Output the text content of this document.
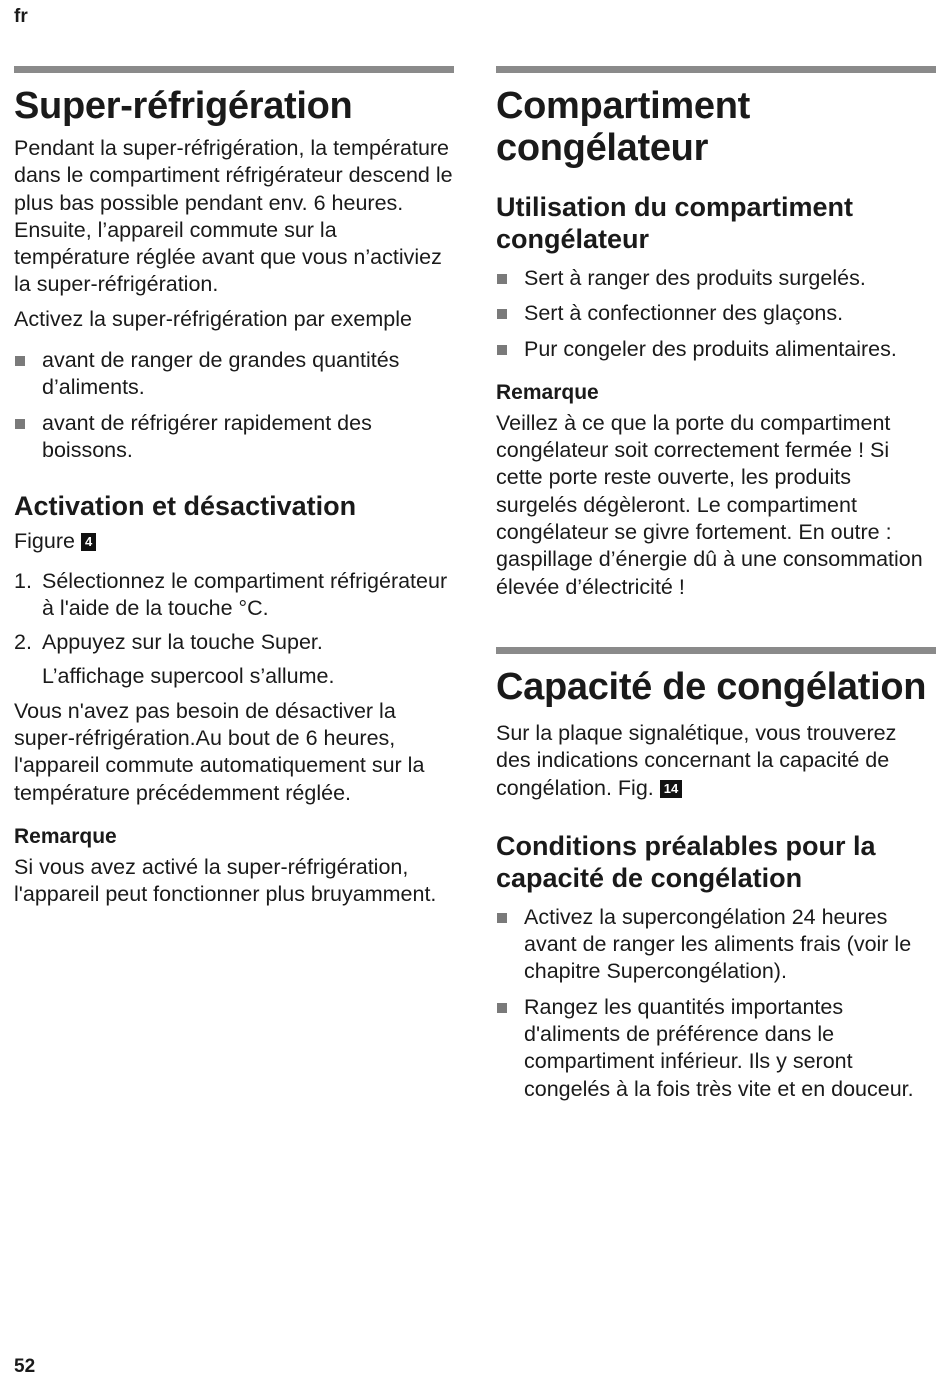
fr
Super-réfrigération

Pendant la super-réfrigération, la température dans le compartiment réfrigérateur descend le plus bas possible pendant env. 6 heures. Ensuite, l’appareil commute sur la température réglée avant que vous n’activiez la super-réfrigération.

Activez la super-réfrigération par exemple

avant de ranger de grandes quantités d’aliments.
avant de réfrigérer rapidement des boissons.
Activation et désactivation

Figure 4

1. Sélectionnez le compartiment réfrigérateur à l'aide de la touche °C.
2. Appuyez sur la touche Super.

L’affichage supercool s’allume.

Vous n'avez pas besoin de désactiver la super-réfrigération.Au bout de 6 heures, l'appareil commute automatiquement sur la température précédemment réglée.

Remarque

Si vous avez activé la super-réfrigération, l'appareil peut fonctionner plus bruyamment.

Compartiment congélateur
Utilisation du compartiment congélateur
Sert à ranger des produits surgelés.
Sert à confectionner des glaçons.
Pur congeler des produits alimentaires.
Remarque

Veillez à ce que la porte du compartiment congélateur soit correctement fermée ! Si cette porte reste ouverte, les produits surgelés dégèleront. Le compartiment congélateur se givre fortement. En outre : gaspillage d’énergie dû à une consommation élevée d’électricité !

Capacité de congélation

Sur la plaque signalétique, vous trouverez des indications concernant la capacité de congélation. Fig. 14

Conditions préalables pour la capacité de congélation
Activez la supercongélation 24 heures avant de ranger les aliments frais (voir le chapitre Supercongélation).
Rangez les quantités importantes d'aliments de préférence dans le compartiment inférieur. Ils y seront congelés à la fois très vite et en douceur.
52
